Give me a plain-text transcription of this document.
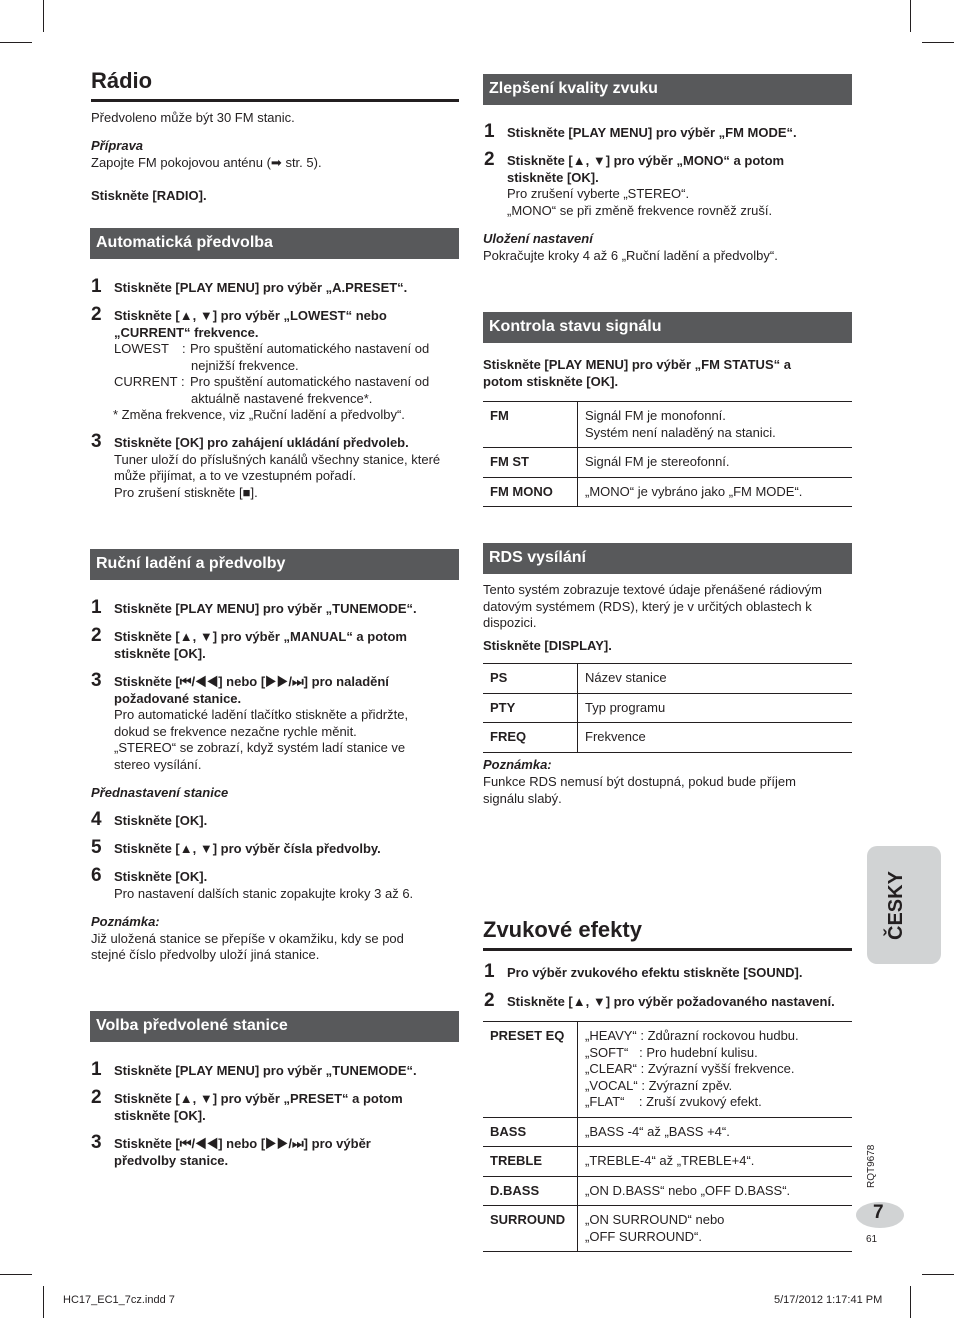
Rádio

Předvoleno může být 30 FM stanic.

Příprava

Zapojte FM pokojovou anténu (➡ str. 5).

Stiskněte [RADIO].

Automatická předvolba
1 Stiskněte [PLAY MENU] pro výběr „A.PRESET“.

2 Stiskněte [▲, ▼] pro výběr „LOWEST“ nebo

„CURRENT“ frekvence.

LOWEST : Pro spuštění automatického nastavení od

nejnižší frekvence.

CURRENT : Pro spuštění automatického nastavení od

aktuálně nastavené frekvence*.

* Změna frekvence, viz „Ruční ladění a předvolby“.

3 Stiskněte [OK] pro zahájení ukládání předvoleb.

Tuner uloží do příslušných kanálů všechny stanice, které

může přijímat, a to ve vzestupném pořadí.

Pro zrušení stiskněte [■].

Ruční ladění a předvolby
1 Stiskněte [PLAY MENU] pro výběr „TUNEMODE“.

2 Stiskněte [▲, ▼] pro výběr „MANUAL“ a potom

stiskněte [OK].

3 Stiskněte [⏮/◀◀] nebo [▶▶/⏭] pro naladění

požadované stanice.

Pro automatické ladění tlačítko stiskněte a přidržte,

dokud se frekvence nezačne rychle měnit.

„STEREO“ se zobrazí, když systém ladí stanice ve

stereo vysílání.

Přednastavení stanice

4 Stiskněte [OK].

5 Stiskněte [▲, ▼] pro výběr čísla předvolby.

6 Stiskněte [OK].

Pro nastavení dalších stanic zopakujte kroky 3 až 6.

Poznámka:

Již uložená stanice se přepíše v okamžiku, kdy se pod

stejné číslo předvolby uloží jiná stanice.

Volba předvolené stanice
1 Stiskněte [PLAY MENU] pro výběr „TUNEMODE“.

2 Stiskněte [▲, ▼] pro výběr „PRESET“ a potom

stiskněte [OK].

3 Stiskněte [⏮/◀◀] nebo [▶▶/⏭] pro výběr

předvolby stanice.

Zlepšení kvality zvuku
1 Stiskněte [PLAY MENU] pro výběr „FM MODE“.

2 Stiskněte [▲, ▼] pro výběr „MONO“ a potom

stiskněte [OK].

Pro zrušení vyberte „STEREO“.

„MONO“ se při změně frekvence rovněž zruší.

Uložení nastavení

Pokračujte kroky 4 až 6 „Ruční ladění a předvolby“.

Kontrola stavu signálu

Stiskněte [PLAY MENU] pro výběr „FM STATUS“ a

potom stiskněte [OK].

FM	Signál FM je monofonní.
Systém není naladěný na stanici.

FM ST	Signál FM je stereofonní.

FM MONO	„MONO“ je vybráno jako „FM MODE“.
RDS vysílání

Tento systém zobrazuje textové údaje přenášené rádiovým

datovým systémem (RDS), který je v určitých oblastech k

dispozici.

Stiskněte [DISPLAY].

PS	Název stanice
PTY	Typ programu
FREQ	Frekvence

Poznámka:

Funkce RDS nemusí být dostupná, pokud bude příjem

signálu slabý.

Zvukové efekty
1 Pro výběr zvukového efektu stiskněte [SOUND].

2 Stiskněte [▲, ▼] pro výběr požadovaného nastavení.

PRESET EQ	„HEAVY“ : Zdůrazní rockovou hudbu.
„SOFT“   : Pro hudební kulisu.
„CLEAR“ : Zvýrazní vyšší frekvence.
„VOCAL“ : Zvýrazní zpěv.
„FLAT“    : Zruší zvukový efekt.

BASS	„BASS -4“ až „BASS +4“.
TREBLE	„TREBLE-4“ až „TREBLE+4“.
D.BASS	„ON D.BASS“ nebo „OFF D.BASS“.
SURROUND	„ON SURROUND“ nebo
„OFF SURROUND“.
ČESKY
RQT9678
7
61
HC17_EC1_7cz.indd 7	5/17/2012 1:17:41 PM
